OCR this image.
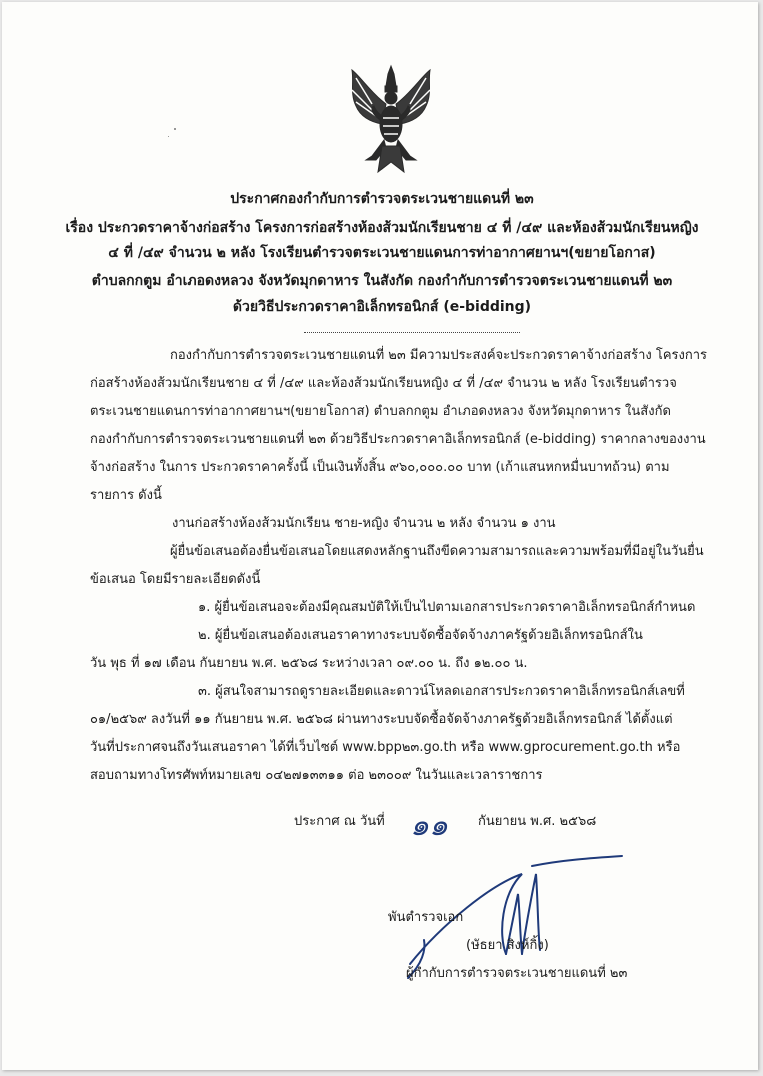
ประกาศกองกำกับการตำรวจตระเวนชายแดนที่ ๒๓
เรื่อง ประกวดราคาจ้างก่อสร้าง โครงการก่อสร้างห้องส้วมนักเรียนชาย ๔ ที่ /๔๙ และห้องส้วมนักเรียนหญิง
๔ ที่ /๔๙ จำนวน ๒ หลัง โรงเรียนตำรวจตระเวนชายแดนการท่าอากาศยานฯ(ขยายโอกาส)
ตำบลกกตูม อำเภอดงหลวง จังหวัดมุกดาหาร ในสังกัด กองกำกับการตำรวจตระเวนชายแดนที่ ๒๓
ด้วยวิธีประกวดราคาอิเล็กทรอนิกส์ (e-bidding)
กองกำกับการตำรวจตระเวนชายแดนที่ ๒๓ มีความประสงค์จะประกวดราคาจ้างก่อสร้าง โครงการ
ก่อสร้างห้องส้วมนักเรียนชาย ๔ ที่ /๔๙ และห้องส้วมนักเรียนหญิง ๔ ที่ /๔๙ จำนวน ๒ หลัง โรงเรียนตำรวจ
ตระเวนชายแดนการท่าอากาศยานฯ(ขยายโอกาส) ตำบลกกตูม อำเภอดงหลวง จังหวัดมุกดาหาร ในสังกัด
กองกำกับการตำรวจตระเวนชายแดนที่ ๒๓ ด้วยวิธีประกวดราคาอิเล็กทรอนิกส์ (e-bidding) ราคากลางของงาน
จ้างก่อสร้าง ในการ ประกวดราคาครั้งนี้ เป็นเงินทั้งสิ้น ๙๖๐,๐๐๐.๐๐ บาท (เก้าแสนหกหมื่นบาทถ้วน) ตาม
รายการ ดังนี้
งานก่อสร้างห้องส้วมนักเรียน ชาย-หญิง จำนวน ๒ หลัง จำนวน ๑ งาน
ผู้ยื่นข้อเสนอต้องยื่นข้อเสนอโดยแสดงหลักฐานถึงขีดความสามารถและความพร้อมที่มีอยู่ในวันยื่น
ข้อเสนอ โดยมีรายละเอียดดังนี้
๑. ผู้ยื่นข้อเสนอจะต้องมีคุณสมบัติให้เป็นไปตามเอกสารประกวดราคาอิเล็กทรอนิกส์กำหนด
๒. ผู้ยื่นข้อเสนอต้องเสนอราคาทางระบบจัดซื้อจัดจ้างภาครัฐด้วยอิเล็กทรอนิกส์ใน
วัน พุธ ที่ ๑๗ เดือน กันยายน พ.ศ. ๒๕๖๘ ระหว่างเวลา ๐๙.๐๐ น. ถึง ๑๒.๐๐ น.
๓. ผู้สนใจสามารถดูรายละเอียดและดาวน์โหลดเอกสารประกวดราคาอิเล็กทรอนิกส์เลขที่
๐๑/๒๕๖๙ ลงวันที่ ๑๑ กันยายน พ.ศ. ๒๕๖๘ ผ่านทางระบบจัดซื้อจัดจ้างภาครัฐด้วยอิเล็กทรอนิกส์ ได้ตั้งแต่
วันที่ประกาศจนถึงวันเสนอราคา ได้ที่เว็บไซต์ www.bpp๒๓.go.th หรือ www.gprocurement.go.th หรือ
สอบถามทางโทรศัพท์หมายเลข ๐๔๒๗๑๓๓๑๑ ต่อ ๒๓๐๐๙ ในวันและเวลาราชการ
ประกาศ ณ วันที่ ๑๑ กันยายน พ.ศ. ๒๕๖๘
พันตำรวจเอก
(ษัธยา สิงห์กิ้ง)
ผู้กำกับการตำรวจตระเวนชายแดนที่ ๒๓
